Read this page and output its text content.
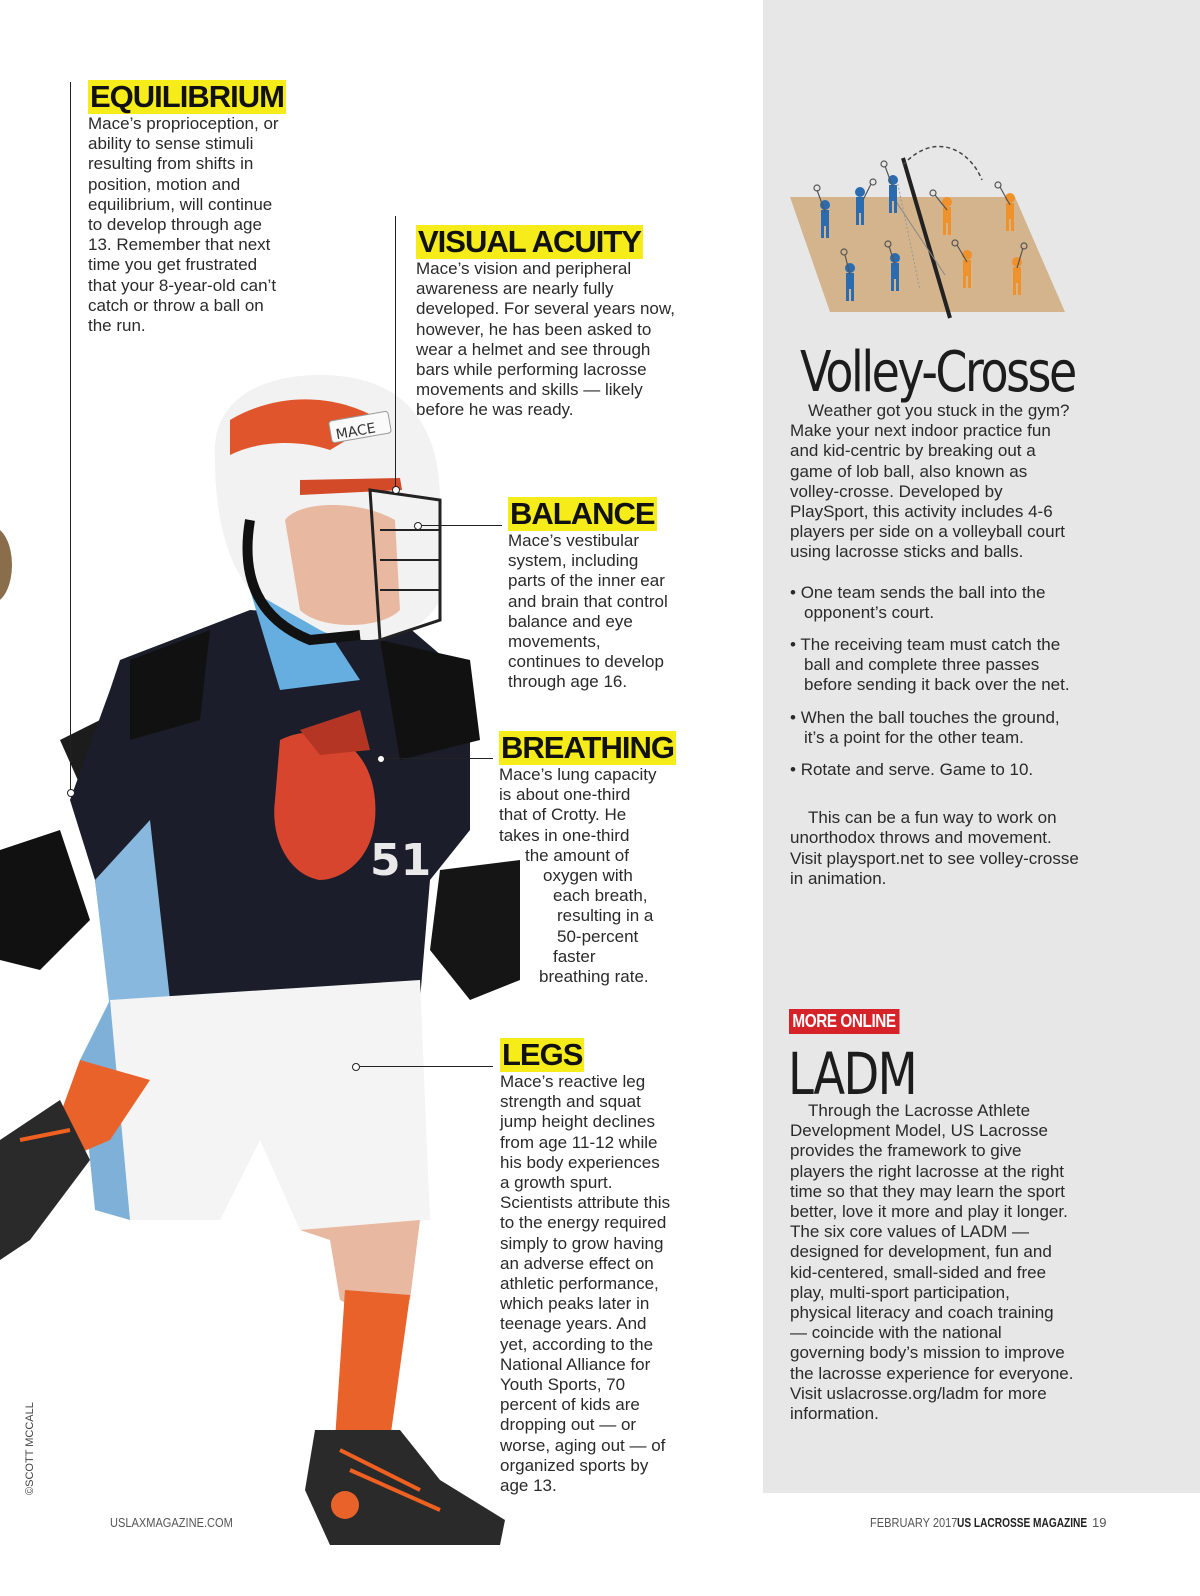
51
MACE
EQUILIBRIUM

Mace’s proprioception, or ability to sense stimuli resulting from shifts in position, motion and equilibrium, will continue to develop through age 13. Remember that next time you get frustrated that your 8-year-old can’t catch or throw a ball on the run.

VISUAL ACUITY

Mace’s vision and peripheral awareness are nearly fully developed. For several years now, however, he has been asked to wear a helmet and see through bars while performing lacrosse movements and skills — likely before he was ready.

BALANCE

Mace’s vestibular system, including parts of the inner ear and brain that control balance and eye movements, continues to develop through age 16.

BREATHING
Mace’s lung capacity
is about one-third
that of Crotty. He
takes in one-third
the amount of
oxygen with
each breath,
resulting in a
50-percent
faster
breathing rate.
LEGS

Mace’s reactive leg strength and squat jump height declines from age 11-12 while his body experiences a growth spurt. Scientists attribute this to the energy required simply to grow having an adverse effect on athletic performance, which peaks later in teenage years. And yet, according to the National Alliance for Youth Sports, 70 percent of kids are dropping out — or worse, aging out — of organized sports by age 13.

©SCOTT MCCALL
Volley-Crosse

Weather got you stuck in the gym? Make your next indoor practice fun and kid-centric by breaking out a game of lob ball, also known as volley-crosse. Developed by PlaySport, this activity includes 4-6 players per side on a volleyball court using lacrosse sticks and balls.

• One team sends the ball into the opponent’s court.
• The receiving team must catch the ball and complete three passes before sending it back over the net.
• When the ball touches the ground, it’s a point for the other team.
• Rotate and serve. Game to 10.

This can be a fun way to work on unorthodox throws and movement. Visit playsport.net to see volley-crosse in animation.

MORE ONLINE
LADM

Through the Lacrosse Athlete Development Model, US Lacrosse provides the framework to give players the right lacrosse at the right time so that they may learn the sport better, love it more and play it longer. The six core values of LADM — designed for development, fun and kid-centered, small-sided and free play, multi-sport participation, physical literacy and coach training — coincide with the national governing body’s mission to improve the lacrosse experience for everyone. Visit uslacrosse.org/ladm for more information.

USLAXMAGAZINE.COM	FEBRUARY 2017 US LACROSSE MAGAZINE 19
